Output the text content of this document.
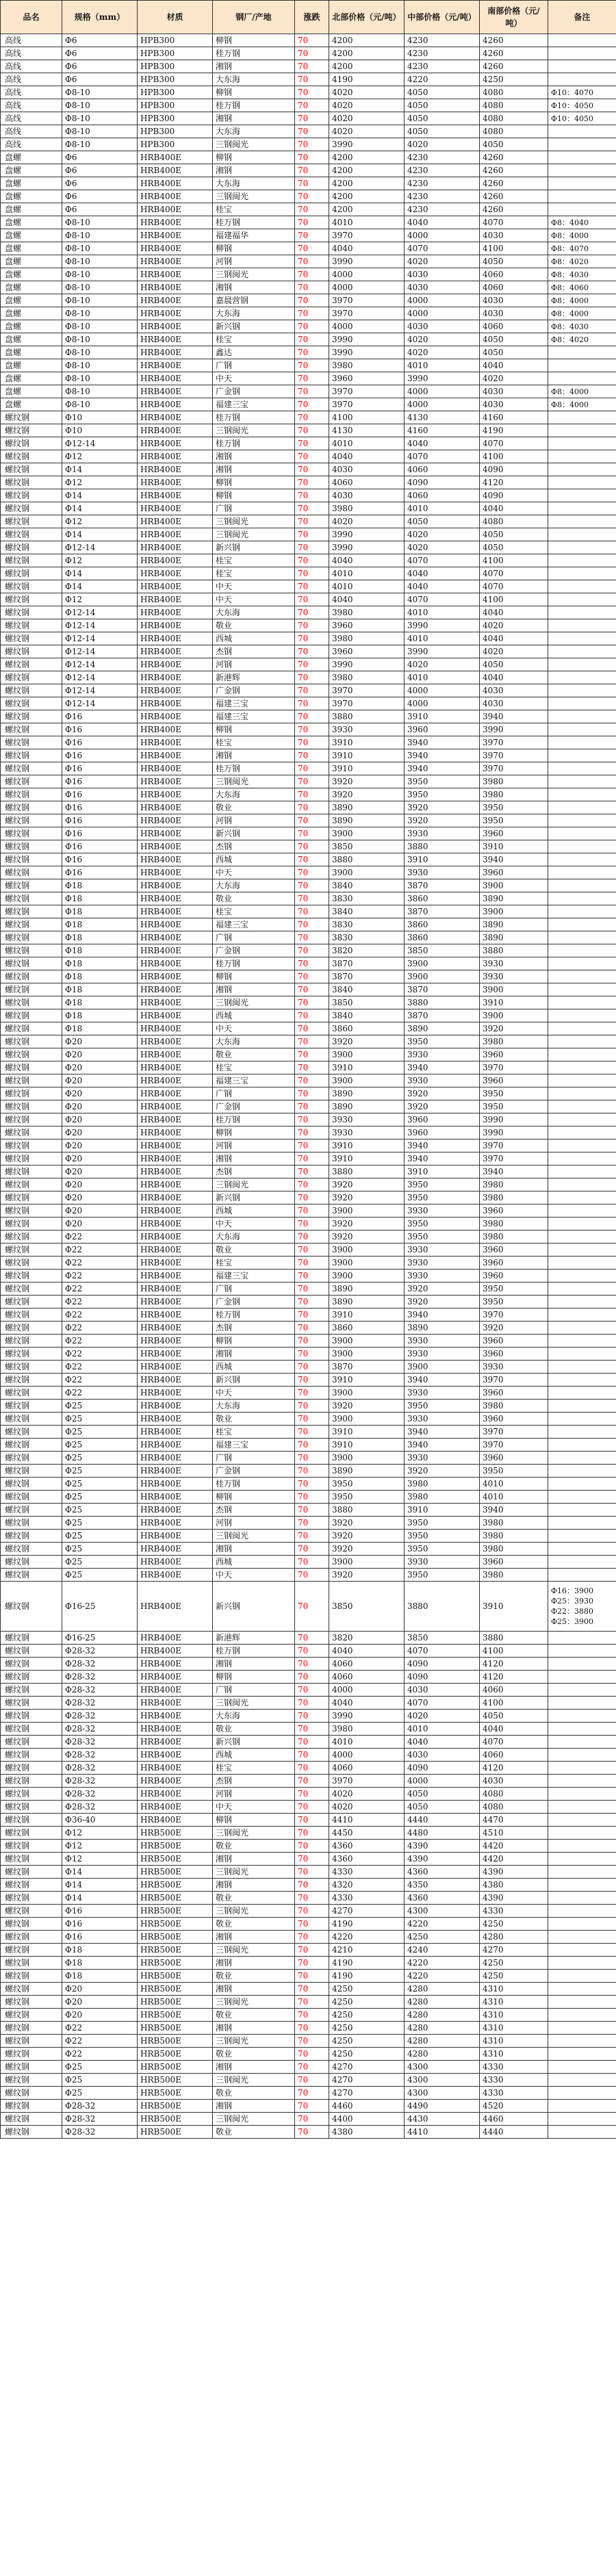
品名	规格（mm）	材质	钢厂/产地	涨跌	北部价格（元/吨）	中部价格（元/吨）	南部价格（元/吨）	备注
高线	Φ6	HPB300	柳钢	70	4200	4230	4260	
高线	Φ6	HPB300	桂万钢	70	4200	4230	4260	
高线	Φ6	HPB300	湘钢	70	4200	4230	4260	
高线	Φ6	HPB300	大东海	70	4190	4220	4250	
高线	Φ8-10	HPB300	柳钢	70	4020	4050	4080	Φ10：4070
高线	Φ8-10	HPB300	桂万钢	70	4020	4050	4080	Φ10：4050
高线	Φ8-10	HPB300	湘钢	70	4020	4050	4080	Φ10：4050
高线	Φ8-10	HPB300	大东海	70	4020	4050	4080	
高线	Φ8-10	HPB300	三钢闽光	70	3990	4020	4050	
盘螺	Φ6	HRB400E	柳钢	70	4200	4230	4260	
盘螺	Φ6	HRB400E	湘钢	70	4200	4230	4260	
盘螺	Φ6	HRB400E	大东海	70	4200	4230	4260	
盘螺	Φ6	HRB400E	三钢闽光	70	4200	4230	4260	
盘螺	Φ6	HRB400E	桂宝	70	4200	4230	4260	
盘螺	Φ8-10	HRB400E	桂万钢	70	4010	4040	4070	Φ8：4040
盘螺	Φ8-10	HRB400E	福建福华	70	3970	4000	4030	Φ8：4000
盘螺	Φ8-10	HRB400E	柳钢	70	4040	4070	4100	Φ8：4070
盘螺	Φ8-10	HRB400E	河钢	70	3990	4020	4050	Φ8：4020
盘螺	Φ8-10	HRB400E	三钢闽光	70	4000	4030	4060	Φ8：4030
盘螺	Φ8-10	HRB400E	湘钢	70	4000	4030	4060	Φ8：4060
盘螺	Φ8-10	HRB400E	嘉晨营钢	70	3970	4000	4030	Φ8：4000
盘螺	Φ8-10	HRB400E	大东海	70	3970	4000	4030	Φ8：4000
盘螺	Φ8-10	HRB400E	新兴钢	70	4000	4030	4060	Φ8：4030
盘螺	Φ8-10	HRB400E	桂宝	70	3990	4020	4050	Φ8：4020
盘螺	Φ8-10	HRB400E	鑫达	70	3990	4020	4050	
盘螺	Φ8-10	HRB400E	广钢	70	3980	4010	4040	
盘螺	Φ8-10	HRB400E	中天	70	3960	3990	4020	
盘螺	Φ8-10	HRB400E	广金钢	70	3970	4000	4030	Φ8：4000
盘螺	Φ8-10	HRB400E	福建三宝	70	3970	4000	4030	Φ8：4000
螺纹钢	Φ10	HRB400E	桂万钢	70	4100	4130	4160	
螺纹钢	Φ10	HRB400E	三钢闽光	70	4130	4160	4190	
螺纹钢	Φ12-14	HRB400E	桂万钢	70	4010	4040	4070	
螺纹钢	Φ12	HRB400E	湘钢	70	4040	4070	4100	
螺纹钢	Φ14	HRB400E	湘钢	70	4030	4060	4090	
螺纹钢	Φ12	HRB400E	柳钢	70	4060	4090	4120	
螺纹钢	Φ14	HRB400E	柳钢	70	4030	4060	4090	
螺纹钢	Φ14	HRB400E	广钢	70	3980	4010	4040	
螺纹钢	Φ12	HRB400E	三钢闽光	70	4020	4050	4080	
螺纹钢	Φ14	HRB400E	三钢闽光	70	3990	4020	4050	
螺纹钢	Φ12-14	HRB400E	新兴钢	70	3990	4020	4050	
螺纹钢	Φ12	HRB400E	桂宝	70	4040	4070	4100	
螺纹钢	Φ14	HRB400E	桂宝	70	4010	4040	4070	
螺纹钢	Φ14	HRB400E	中天	70	4010	4040	4070	
螺纹钢	Φ12	HRB400E	中天	70	4040	4070	4100	
螺纹钢	Φ12-14	HRB400E	大东海	70	3980	4010	4040	
螺纹钢	Φ12-14	HRB400E	敬业	70	3960	3990	4020	
螺纹钢	Φ12-14	HRB400E	西城	70	3980	4010	4040	
螺纹钢	Φ12-14	HRB400E	杰钢	70	3960	3990	4020	
螺纹钢	Φ12-14	HRB400E	河钢	70	3990	4020	4050	
螺纹钢	Φ12-14	HRB400E	新港辉	70	3980	4010	4040	
螺纹钢	Φ12-14	HRB400E	广金钢	70	3970	4000	4030	
螺纹钢	Φ12-14	HRB400E	福建三宝	70	3970	4000	4030	
螺纹钢	Φ16	HRB400E	福建三宝	70	3880	3910	3940	
螺纹钢	Φ16	HRB400E	柳钢	70	3930	3960	3990	
螺纹钢	Φ16	HRB400E	桂宝	70	3910	3940	3970	
螺纹钢	Φ16	HRB400E	湘钢	70	3910	3940	3970	
螺纹钢	Φ16	HRB400E	桂万钢	70	3910	3940	3970	
螺纹钢	Φ16	HRB400E	三钢闽光	70	3920	3950	3980	
螺纹钢	Φ16	HRB400E	大东海	70	3920	3950	3980	
螺纹钢	Φ16	HRB400E	敬业	70	3890	3920	3950	
螺纹钢	Φ16	HRB400E	河钢	70	3890	3920	3950	
螺纹钢	Φ16	HRB400E	新兴钢	70	3900	3930	3960	
螺纹钢	Φ16	HRB400E	杰钢	70	3850	3880	3910	
螺纹钢	Φ16	HRB400E	西城	70	3880	3910	3940	
螺纹钢	Φ16	HRB400E	中天	70	3900	3930	3960	
螺纹钢	Φ18	HRB400E	大东海	70	3840	3870	3900	
螺纹钢	Φ18	HRB400E	敬业	70	3830	3860	3890	
螺纹钢	Φ18	HRB400E	桂宝	70	3840	3870	3900	
螺纹钢	Φ18	HRB400E	福建三宝	70	3830	3860	3890	
螺纹钢	Φ18	HRB400E	广钢	70	3830	3860	3890	
螺纹钢	Φ18	HRB400E	广金钢	70	3820	3850	3880	
螺纹钢	Φ18	HRB400E	桂万钢	70	3870	3900	3930	
螺纹钢	Φ18	HRB400E	柳钢	70	3870	3900	3930	
螺纹钢	Φ18	HRB400E	湘钢	70	3840	3870	3900	
螺纹钢	Φ18	HRB400E	三钢闽光	70	3850	3880	3910	
螺纹钢	Φ18	HRB400E	西城	70	3840	3870	3900	
螺纹钢	Φ18	HRB400E	中天	70	3860	3890	3920	
螺纹钢	Φ20	HRB400E	大东海	70	3920	3950	3980	
螺纹钢	Φ20	HRB400E	敬业	70	3900	3930	3960	
螺纹钢	Φ20	HRB400E	桂宝	70	3910	3940	3970	
螺纹钢	Φ20	HRB400E	福建三宝	70	3900	3930	3960	
螺纹钢	Φ20	HRB400E	广钢	70	3890	3920	3950	
螺纹钢	Φ20	HRB400E	广金钢	70	3890	3920	3950	
螺纹钢	Φ20	HRB400E	桂万钢	70	3930	3960	3990	
螺纹钢	Φ20	HRB400E	柳钢	70	3930	3960	3990	
螺纹钢	Φ20	HRB400E	河钢	70	3910	3940	3970	
螺纹钢	Φ20	HRB400E	湘钢	70	3910	3940	3970	
螺纹钢	Φ20	HRB400E	杰钢	70	3880	3910	3940	
螺纹钢	Φ20	HRB400E	三钢闽光	70	3920	3950	3980	
螺纹钢	Φ20	HRB400E	新兴钢	70	3920	3950	3980	
螺纹钢	Φ20	HRB400E	西城	70	3900	3930	3960	
螺纹钢	Φ20	HRB400E	中天	70	3920	3950	3980	
螺纹钢	Φ22	HRB400E	大东海	70	3920	3950	3980	
螺纹钢	Φ22	HRB400E	敬业	70	3900	3930	3960	
螺纹钢	Φ22	HRB400E	桂宝	70	3900	3930	3960	
螺纹钢	Φ22	HRB400E	福建三宝	70	3900	3930	3960	
螺纹钢	Φ22	HRB400E	广钢	70	3890	3920	3950	
螺纹钢	Φ22	HRB400E	广金钢	70	3890	3920	3950	
螺纹钢	Φ22	HRB400E	桂万钢	70	3910	3940	3970	
螺纹钢	Φ22	HRB400E	杰钢	70	3860	3890	3920	
螺纹钢	Φ22	HRB400E	柳钢	70	3900	3930	3960	
螺纹钢	Φ22	HRB400E	湘钢	70	3900	3930	3960	
螺纹钢	Φ22	HRB400E	西城	70	3870	3900	3930	
螺纹钢	Φ22	HRB400E	新兴钢	70	3910	3940	3970	
螺纹钢	Φ22	HRB400E	中天	70	3900	3930	3960	
螺纹钢	Φ25	HRB400E	大东海	70	3920	3950	3980	
螺纹钢	Φ25	HRB400E	敬业	70	3900	3930	3960	
螺纹钢	Φ25	HRB400E	桂宝	70	3910	3940	3970	
螺纹钢	Φ25	HRB400E	福建三宝	70	3910	3940	3970	
螺纹钢	Φ25	HRB400E	广钢	70	3900	3930	3960	
螺纹钢	Φ25	HRB400E	广金钢	70	3890	3920	3950	
螺纹钢	Φ25	HRB400E	桂万钢	70	3950	3980	4010	
螺纹钢	Φ25	HRB400E	柳钢	70	3950	3980	4010	
螺纹钢	Φ25	HRB400E	杰钢	70	3880	3910	3940	
螺纹钢	Φ25	HRB400E	河钢	70	3920	3950	3980	
螺纹钢	Φ25	HRB400E	三钢闽光	70	3920	3950	3980	
螺纹钢	Φ25	HRB400E	湘钢	70	3920	3950	3980	
螺纹钢	Φ25	HRB400E	西城	70	3900	3930	3960	
螺纹钢	Φ25	HRB400E	中天	70	3920	3950	3980	
螺纹钢	Φ16-25	HRB400E	新兴钢	70	3850	3880	3910	Φ16：3900 Φ25：3930 Φ22：3880 Φ25：3900
螺纹钢	Φ16-25	HRB400E	新港辉	70	3820	3850	3880	
螺纹钢	Φ28-32	HRB400E	桂万钢	70	4040	4070	4100	
螺纹钢	Φ28-32	HRB400E	湘钢	70	4060	4090	4120	
螺纹钢	Φ28-32	HRB400E	柳钢	70	4060	4090	4120	
螺纹钢	Φ28-32	HRB400E	广钢	70	4000	4030	4060	
螺纹钢	Φ28-32	HRB400E	三钢闽光	70	4040	4070	4100	
螺纹钢	Φ28-32	HRB400E	大东海	70	3990	4020	4050	
螺纹钢	Φ28-32	HRB400E	敬业	70	3980	4010	4040	
螺纹钢	Φ28-32	HRB400E	新兴钢	70	4010	4040	4070	
螺纹钢	Φ28-32	HRB400E	西城	70	4000	4030	4060	
螺纹钢	Φ28-32	HRB400E	桂宝	70	4060	4090	4120	
螺纹钢	Φ28-32	HRB400E	杰钢	70	3970	4000	4030	
螺纹钢	Φ28-32	HRB400E	河钢	70	4020	4050	4080	
螺纹钢	Φ28-32	HRB400E	中天	70	4020	4050	4080	
螺纹钢	Φ36-40	HRB400E	柳钢	70	4410	4440	4470	
螺纹钢	Φ12	HRB500E	三钢闽光	70	4450	4480	4510	
螺纹钢	Φ12	HRB500E	敬业	70	4360	4390	4420	
螺纹钢	Φ12	HRB500E	湘钢	70	4360	4390	4420	
螺纹钢	Φ14	HRB500E	三钢闽光	70	4330	4360	4390	
螺纹钢	Φ14	HRB500E	湘钢	70	4320	4350	4380	
螺纹钢	Φ14	HRB500E	敬业	70	4330	4360	4390	
螺纹钢	Φ16	HRB500E	三钢闽光	70	4270	4300	4330	
螺纹钢	Φ16	HRB500E	敬业	70	4190	4220	4250	
螺纹钢	Φ16	HRB500E	湘钢	70	4220	4250	4280	
螺纹钢	Φ18	HRB500E	三钢闽光	70	4210	4240	4270	
螺纹钢	Φ18	HRB500E	湘钢	70	4190	4220	4250	
螺纹钢	Φ18	HRB500E	敬业	70	4190	4220	4250	
螺纹钢	Φ20	HRB500E	湘钢	70	4250	4280	4310	
螺纹钢	Φ20	HRB500E	三钢闽光	70	4250	4280	4310	
螺纹钢	Φ20	HRB500E	敬业	70	4250	4280	4310	
螺纹钢	Φ22	HRB500E	湘钢	70	4250	4280	4310	
螺纹钢	Φ22	HRB500E	三钢闽光	70	4250	4280	4310	
螺纹钢	Φ22	HRB500E	敬业	70	4250	4280	4310	
螺纹钢	Φ25	HRB500E	湘钢	70	4270	4300	4330	
螺纹钢	Φ25	HRB500E	三钢闽光	70	4270	4300	4330	
螺纹钢	Φ25	HRB500E	敬业	70	4270	4300	4330	
螺纹钢	Φ28-32	HRB500E	湘钢	70	4460	4490	4520	
螺纹钢	Φ28-32	HRB500E	三钢闽光	70	4400	4430	4460	
螺纹钢	Φ28-32	HRB500E	敬业	70	4380	4410	4440	
